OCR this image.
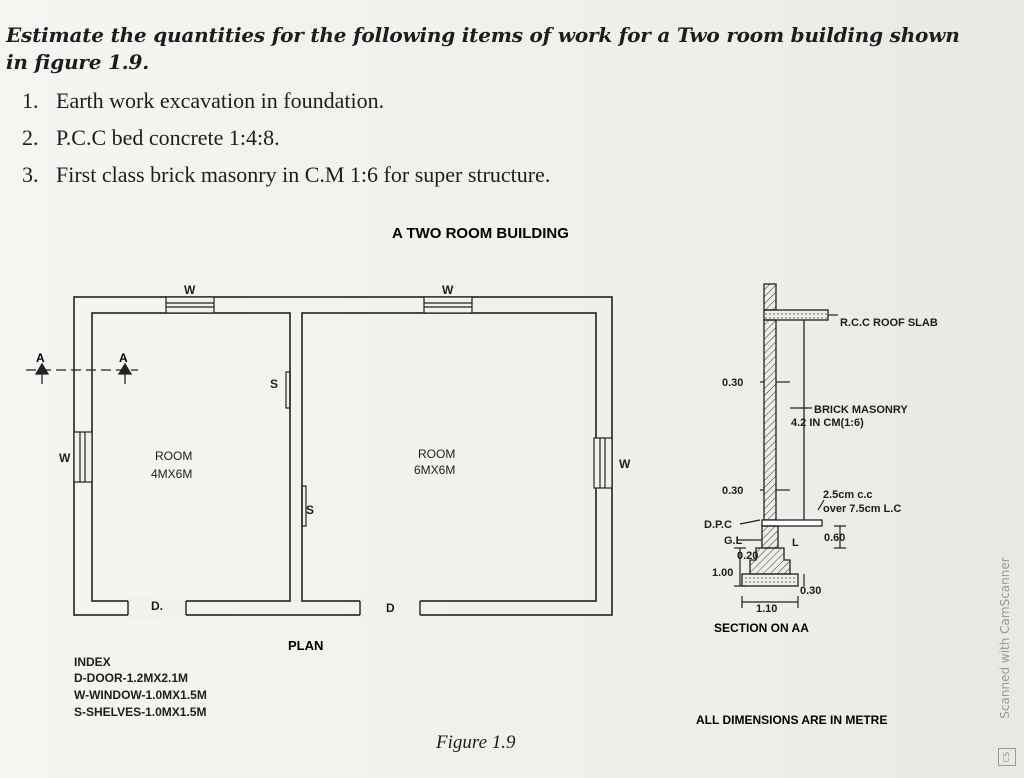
Estimate the quantities for the following items of work for a Two room building shown in figure 1.9.
1. Earth work excavation in foundation.
2. P.C.C bed concrete 1:4:8.
3. First class brick masonry in C.M 1:6 for super structure.
A TWO ROOM BUILDING
A	A
W	W
W	W
S
S
D.	D
ROOM
4MX6M
ROOM
6MX6M
PLAN
INDEX
D-DOOR-1.2MX2.1M
W-WINDOW-1.0MX1.5M
S-SHELVES-1.0MX1.5M
R.C.C ROOF SLAB
0.30
BRICK MASONRY
4.2 IN CM(1:6)
0.30	2.5cm c.c
over 7.5cm L.C
D.P.C
G.L	L 0.60
0.20
1.00
0.30
1.10
SECTION ON AA
ALL DIMENSIONS ARE IN METRE
Figure 1.9
Scanned with CamScanner
CS
